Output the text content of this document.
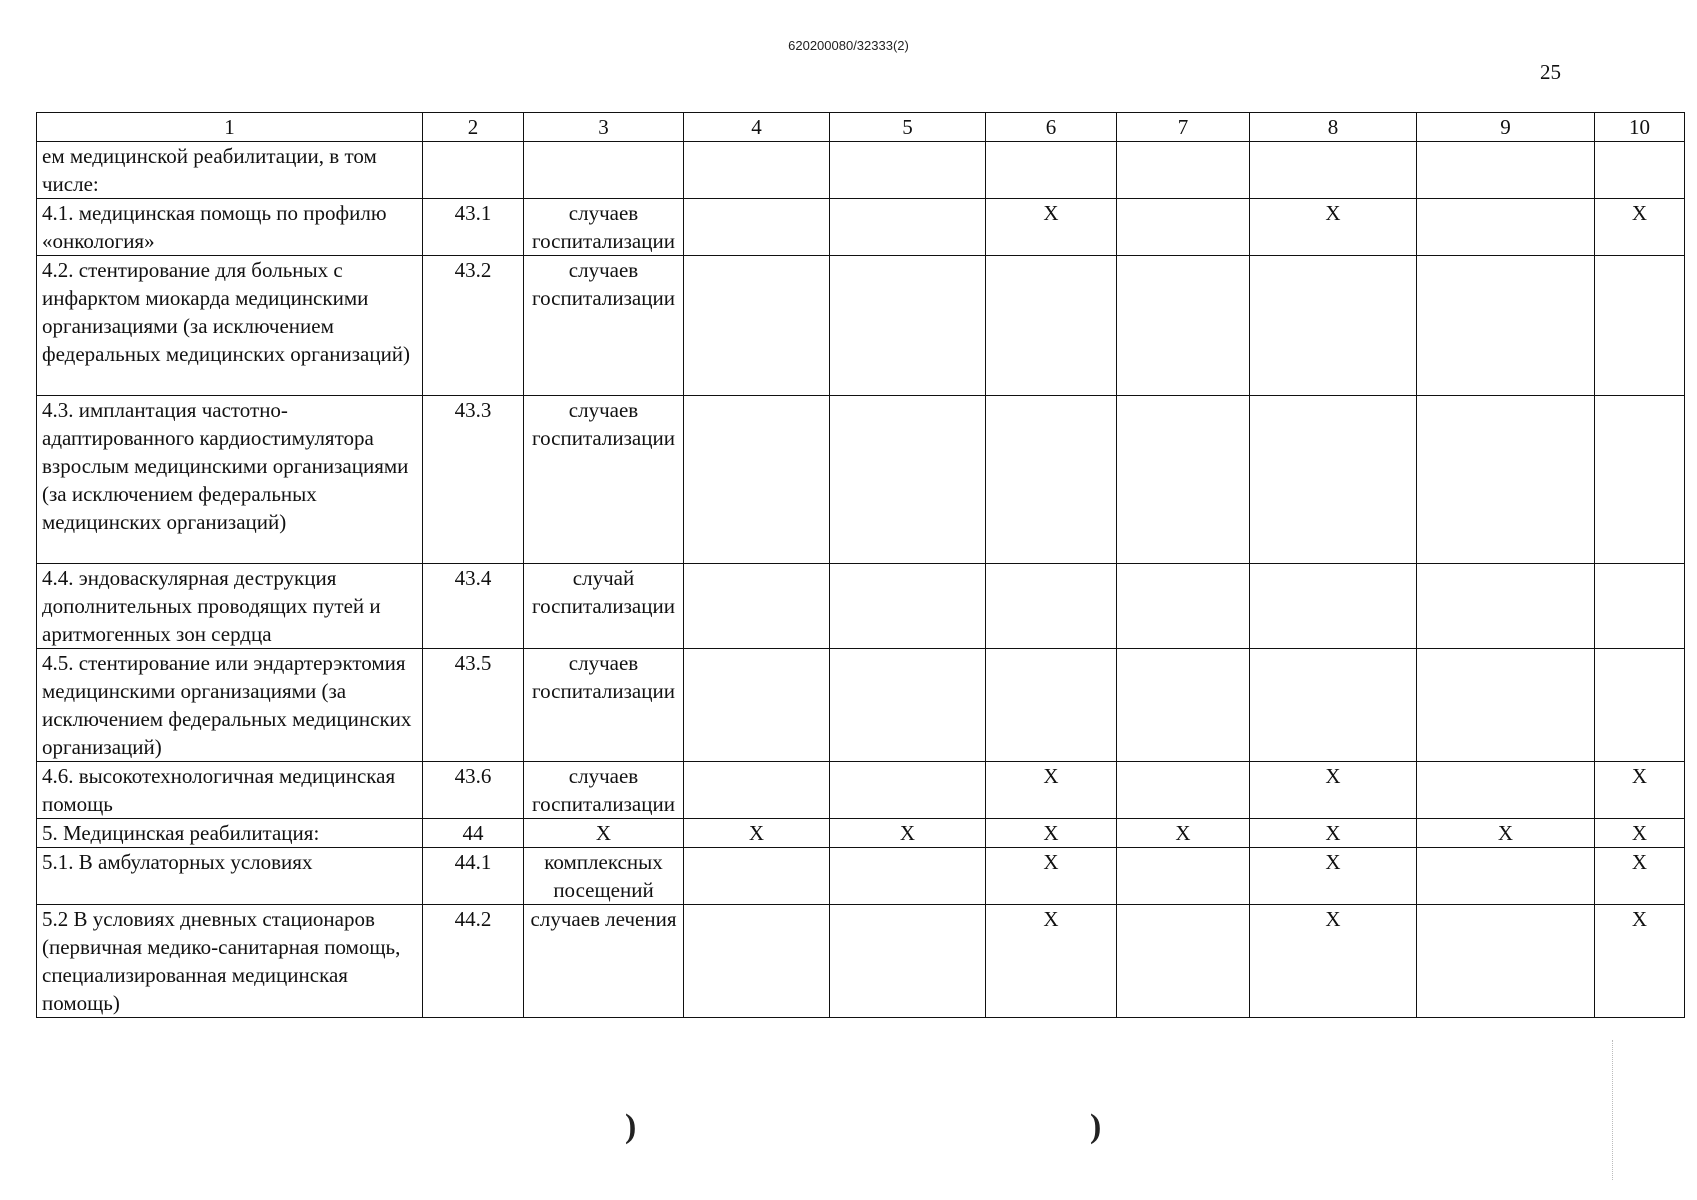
620200080/32333(2)
25
1	2	3	4	5	6	7	8	9	10
ем медицинской реабилитации, в том числе:									
4.1. медицинская помощь по профилю «онкология»	43.1	случаев госпитализации			Х		Х		Х
4.2. стентирование для больных с инфарктом миокарда медицинскими организациями (за исключением федеральных медицинских организаций)	43.2	случаев госпитализации							
4.3. имплантация частотно-адаптированного кардиостимулятора взрослым медицинскими организациями (за исключением федеральных медицинских организаций)	43.3	случаев госпитализации							
4.4. эндоваскулярная деструкция дополнительных проводящих путей и аритмогенных зон сердца	43.4	случай госпитализации							
4.5. стентирование или эндартерэктомия медицинскими организациями (за исключением федеральных медицинских организаций)	43.5	случаев госпитализации							
4.6. высокотехнологичная медицинская помощь	43.6	случаев госпитализации			Х		Х		Х
5. Медицинская реабилитация:	44	Х	Х	Х	Х	Х	Х	Х	Х
5.1. В амбулаторных условиях	44.1	комплексных посещений			Х		Х		Х
5.2 В условиях дневных стационаров (первичная медико-санитарная помощь, специализированная медицинская помощь)	44.2	случаев лечения			Х		Х		Х
)	)
